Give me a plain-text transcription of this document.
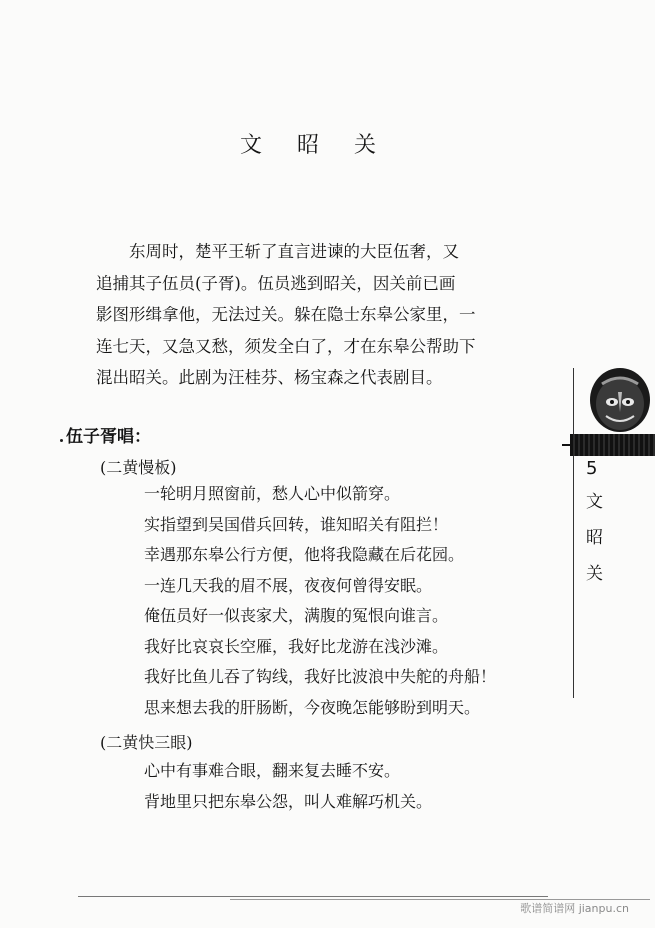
文 昭 关

东周时，楚平王斩了直言进谏的大臣伍奢，又

追捕其子伍员(子胥)。伍员逃到昭关，因关前已画

影图形缉拿他，无法过关。躲在隐士东皋公家里，一

连七天，又急又愁，须发全白了，才在东皋公帮助下

混出昭关。此剧为汪桂芬、杨宝森之代表剧目。

伍子胥唱：
(二黄慢板)
一轮明月照窗前，愁人心中似箭穿。
实指望到吴国借兵回转，谁知昭关有阻拦！
幸遇那东皋公行方便，他将我隐藏在后花园。
一连几天我的眉不展，夜夜何曾得安眠。
俺伍员好一似丧家犬，满腹的冤恨向谁言。
我好比哀哀长空雁，我好比龙游在浅沙滩。
我好比鱼儿吞了钩线，我好比波浪中失舵的舟船！
思来想去我的肝肠断，今夜晚怎能够盼到明天。
(二黄快三眼)
心中有事难合眼，翻来复去睡不安。
背地里只把东皋公怨，叫人难解巧机关。
5
文
昭
关
歌谱简谱网 jianpu.cn
